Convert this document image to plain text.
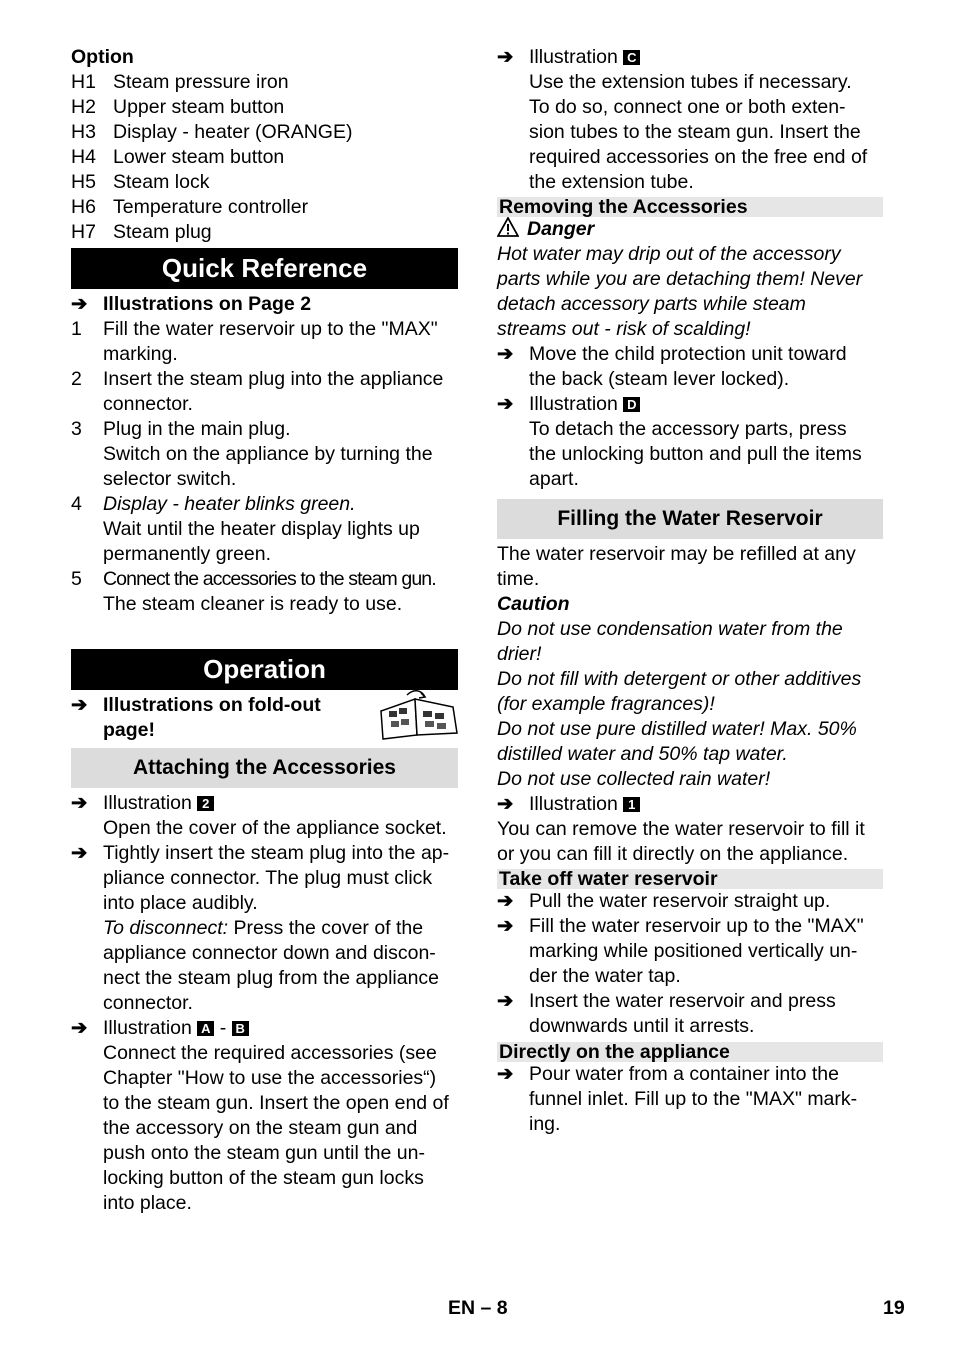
Option
H1 Steam pressure iron
H2 Upper steam button
H3 Display - heater (ORANGE)
H4 Lower steam button
H5 Steam lock
H6 Temperature controller
H7 Steam plug
Quick Reference
➔ Illustrations on Page 2
1	Fill the water reservoir up to the "MAX"
marking.
2	Insert the steam plug into the appliance
connector.
3	Plug in the main plug.
Switch on the appliance by turning the
selector switch.
4	Display - heater blinks green.
Wait until the heater display lights up
permanently green.
5	Connect the accessories to the steam gun.
The steam cleaner is ready to use.
Operation
➔ Illustrations on fold-out
page!
Attaching the Accessories
➔ Illustration 2
Open the cover of the appliance socket.
➔ Tightly insert the steam plug into the ap-
pliance connector. The plug must click
into place audibly.
To disconnect: Press the cover of the
appliance connector down and discon-
nect the steam plug from the appliance
connector.
➔ Illustration A - B
Connect the required accessories (see
Chapter "How to use the accessories“)
to the steam gun. Insert the open end of
the accessory on the steam gun and
push onto the steam gun until the un-
locking button of the steam gun locks
into place.
➔ Illustration C
Use the extension tubes if necessary.
To do so, connect one or both exten-
sion tubes to the steam gun. Insert the
required accessories on the free end of
the extension tube.
Removing the Accessories
Danger
Hot water may drip out of the accessory
parts while you are detaching them! Never
detach accessory parts while steam
streams out - risk of scalding!
➔ Move the child protection unit toward
the back (steam lever locked).
➔ Illustration D
To detach the accessory parts, press
the unlocking button and pull the items
apart.
Filling the Water Reservoir
The water reservoir may be refilled at any
time.
Caution
Do not use condensation water from the
drier!
Do not fill with detergent or other additives
(for example fragrances)!
Do not use pure distilled water! Max. 50%
distilled water and 50% tap water.
Do not use collected rain water!
➔ Illustration 1
You can remove the water reservoir to fill it
or you can fill it directly on the appliance.
Take off water reservoir
➔ Pull the water reservoir straight up.
➔ Fill the water reservoir up to the "MAX"
marking while positioned vertically un-
der the water tap.
➔ Insert the water reservoir and press
downwards until it arrests.
Directly on the appliance
➔ Pour water from a container into the
funnel inlet. Fill up to the "MAX" mark-
ing.
EN – 8	19
